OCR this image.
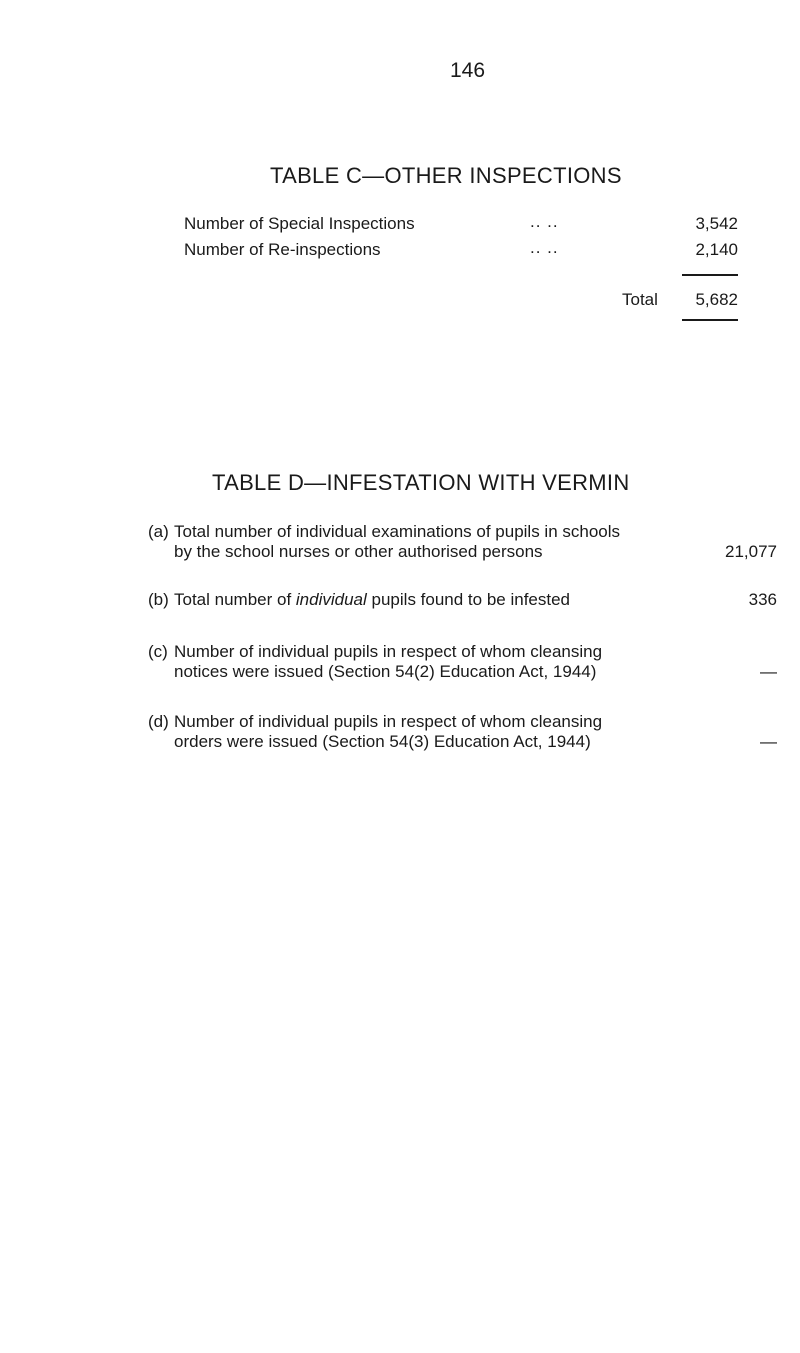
146
TABLE C—OTHER INSPECTIONS
Number of Special Inspections	.. ..	3,542
Number of Re-inspections	.. ..	2,140
Total	5,682
TABLE D—INFESTATION WITH VERMIN
(a) Total number of individual examinations of pupils in schools
by the school nurses or other authorised persons	21,077
(b) Total number of individual pupils found to be infested	336
(c) Number of individual pupils in respect of whom cleansing
notices were issued (Section 54(2) Education Act, 1944)	—
(d) Number of individual pupils in respect of whom cleansing
orders were issued (Section 54(3) Education Act, 1944)	—
